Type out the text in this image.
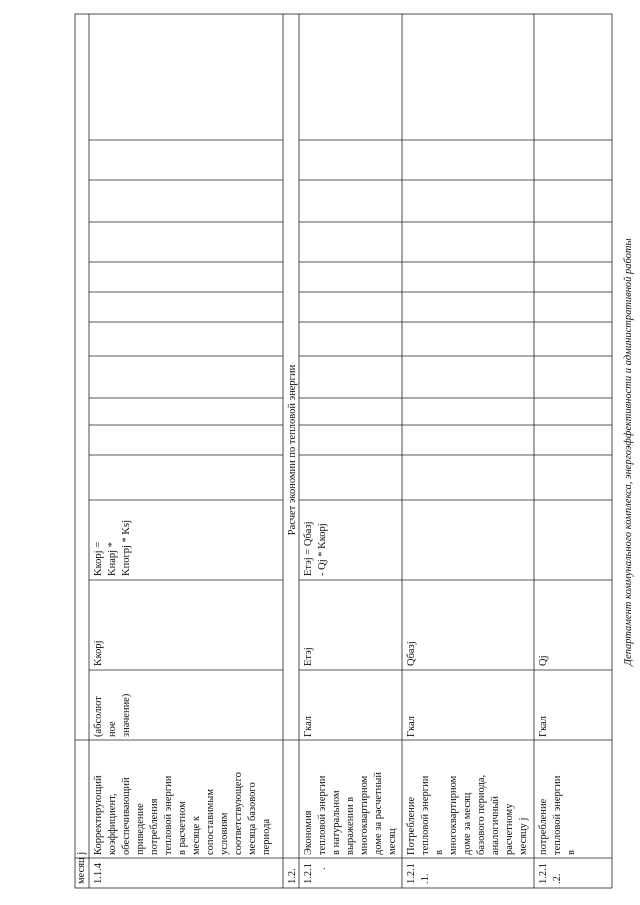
месяц j 1.1.4
Корректирующий коэффициент, обеспечивающий приведение потребления тепловой энергии в расчетном месяце к сопоставимым условиям соответствующего месяца базового периода
(абсолют ное значение)
Kкорj
Kкорj = Kнарj * Kпогрj * Ksj
1.2.
Расчет экономии по тепловой энергии
1.2.1 .
Экономия тепловой энергии в натуральном выражении в многоквартирном доме за расчетный месяц
Гкал
Eтэj
Eтэj = Qбазj - Qj * Kкорj
1.2.1 .1.
Потребление тепловой энергии в многоквартирном доме за месяц базового периода, аналогичный расчетному месяцу j
Гкал
Qбазj
1.2.1 .2.
потребление тепловой энергии в
Гкал
Qj	Департамент коммунального комплекса, энергоэффективности и административной работы
